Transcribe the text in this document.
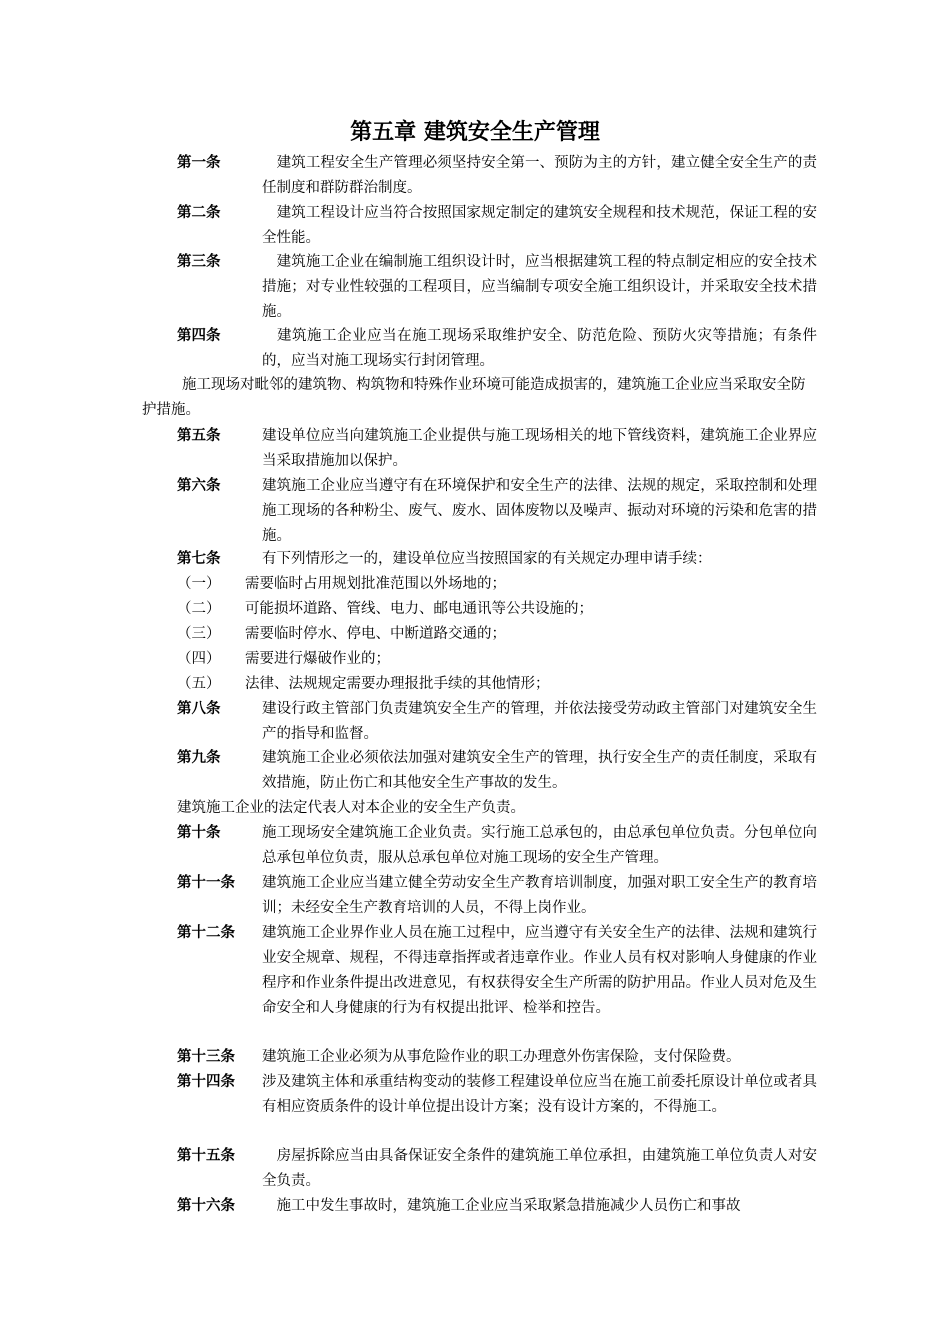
第五章 建筑安全生产管理
第一条	　建筑工程安全生产管理必须坚持安全第一、预防为主的方针，建立健全安全生产的责任制度和群防群治制度。
第二条	　建筑工程设计应当符合按照国家规定制定的建筑安全规程和技术规范，保证工程的安全性能。
第三条	　建筑施工企业在编制施工组织设计时，应当根据建筑工程的特点制定相应的安全技术措施；对专业性较强的工程项目，应当编制专项安全施工组织设计，并采取安全技术措施。
第四条	　建筑施工企业应当在施工现场采取维护安全、防范危险、预防火灾等措施；有条件的，应当对施工现场实行封闭管理。
施工现场对毗邻的建筑物、构筑物和特殊作业环境可能造成损害的，建筑施工企业应当采取安全防护措施。
第五条	建设单位应当向建筑施工企业提供与施工现场相关的地下管线资料，建筑施工企业界应当采取措施加以保护。
第六条	建筑施工企业应当遵守有在环境保护和安全生产的法律、法规的规定，采取控制和处理施工现场的各种粉尘、废气、废水、固体废物以及噪声、振动对环境的污染和危害的措施。
第七条	有下列情形之一的，建设单位应当按照国家的有关规定办理申请手续：
（一） 需要临时占用规划批准范围以外场地的；
（二） 可能损坏道路、管线、电力、邮电通讯等公共设施的；
（三） 需要临时停水、停电、中断道路交通的；
（四） 需要进行爆破作业的；
（五） 法律、法规规定需要办理报批手续的其他情形；
第八条	建设行政主管部门负责建筑安全生产的管理，并依法接受劳动政主管部门对建筑安全生产的指导和监督。
第九条	建筑施工企业必须依法加强对建筑安全生产的管理，执行安全生产的责任制度，采取有效措施，防止伤亡和其他安全生产事故的发生。
建筑施工企业的法定代表人对本企业的安全生产负责。
第十条	施工现场安全建筑施工企业负责。实行施工总承包的，由总承包单位负责。分包单位向总承包单位负责，服从总承包单位对施工现场的安全生产管理。
第十一条 建筑施工企业应当建立健全劳动安全生产教育培训制度，加强对职工安全生产的教育培训；未经安全生产教育培训的人员，不得上岗作业。
第十二条 建筑施工企业界作业人员在施工过程中，应当遵守有关安全生产的法律、法规和建筑行业安全规章、规程，不得违章指挥或者违章作业。作业人员有权对影响人身健康的作业程序和作业条件提出改进意见，有权获得安全生产所需的防护用品。作业人员对危及生命安全和人身健康的行为有权提出批评、检举和控告。
第十三条 建筑施工企业必须为从事危险作业的职工办理意外伤害保险，支付保险费。
第十四条 涉及建筑主体和承重结构变动的装修工程建设单位应当在施工前委托原设计单位或者具有相应资质条件的设计单位提出设计方案；没有设计方案的，不得施工。
第十五条 　房屋拆除应当由具备保证安全条件的建筑施工单位承担，由建筑施工单位负责人对安全负责。
第十六条 　施工中发生事故时，建筑施工企业应当采取紧急措施减少人员伤亡和事故
